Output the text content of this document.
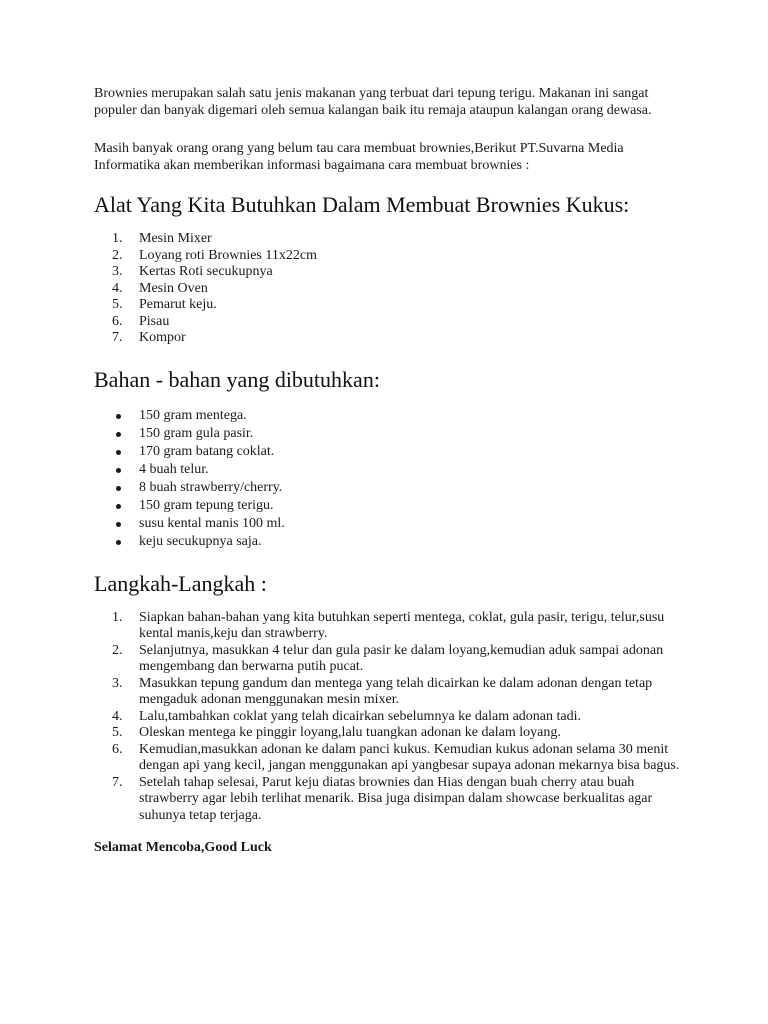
Brownies merupakan salah satu jenis makanan yang terbuat dari tepung terigu. Makanan ini sangat populer dan banyak digemari oleh semua kalangan baik itu remaja ataupun kalangan orang dewasa.

Masih banyak orang orang yang belum tau cara membuat brownies,Berikut PT.Suvarna Media Informatika akan memberikan informasi bagaimana cara membuat brownies :

Alat Yang Kita Butuhkan Dalam Membuat Brownies Kukus:
1.	Mesin Mixer
2.	Loyang roti Brownies 11x22cm
3.	Kertas Roti secukupnya
4.	Mesin Oven
5.	Pemarut keju.
6.	Pisau
7.	Kompor
Bahan - bahan yang dibutuhkan:
150 gram mentega.
150 gram gula pasir.
170 gram batang coklat.
4 buah telur.
8 buah strawberry/cherry.
150 gram tepung terigu.
susu kental manis 100 ml.
keju secukupnya saja.
Langkah-Langkah :
1.	Siapkan bahan-bahan yang kita butuhkan seperti mentega, coklat, gula pasir, terigu, telur,susu kental manis,keju dan strawberry.
2.	Selanjutnya, masukkan 4 telur dan gula pasir ke dalam loyang,kemudian aduk sampai adonan mengembang dan berwarna putih pucat.
3.	Masukkan tepung gandum dan mentega yang telah dicairkan ke dalam adonan dengan tetap mengaduk adonan menggunakan mesin mixer.
4.	Lalu,tambahkan coklat yang telah dicairkan sebelumnya ke dalam adonan tadi.
5.	Oleskan mentega ke pinggir loyang,lalu tuangkan adonan ke dalam loyang.
6.	Kemudian,masukkan adonan ke dalam panci kukus. Kemudian kukus adonan selama 30 menit dengan api yang kecil, jangan menggunakan api yangbesar supaya adonan mekarnya bisa bagus.
7.	Setelah tahap selesai, Parut keju diatas brownies dan Hias dengan buah cherry atau buah strawberry agar lebih terlihat menarik. Bisa juga disimpan dalam showcase berkualitas agar suhunya tetap terjaga.

Selamat Mencoba,Good Luck
